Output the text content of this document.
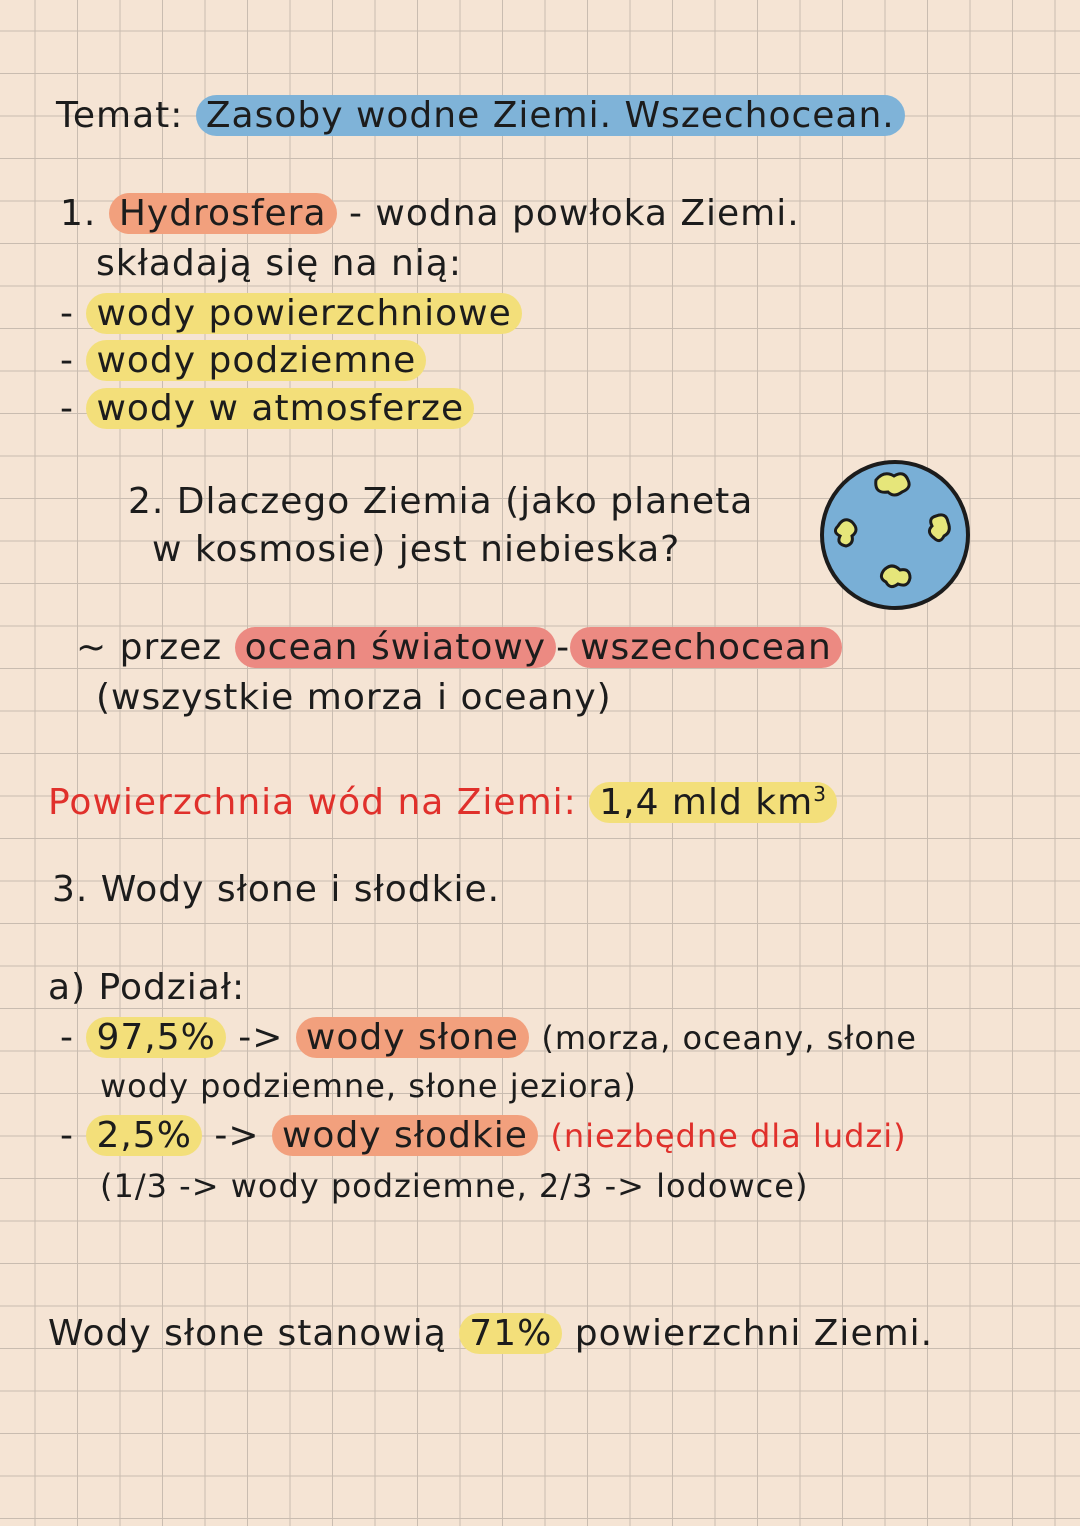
Temat: Zasoby wodne Ziemi. Wszechocean.
1. Hydrosfera - wodna powłoka Ziemi.
składają się na nią:
- wody powierzchniowe
- wody podziemne
- wody w atmosferze
2. Dlaczego Ziemia (jako planeta
w kosmosie) jest niebieska?
~ przez ocean światowy - wszechocean
(wszystkie morza i oceany)
Powierzchnia wód na Ziemi: 1,4 mld $km^3$
3. Wody słone i słodkie.
a) Podział:
- 97,5% -> wody słone (morza, oceany, słone
wody podziemne, słone jeziora)
- 2,5% -> wody słodkie (niezbędne dla ludzi)
(1/3 -> wody podziemne, 2/3 -> lodowce)
Wody słone stanowią 71% powierzchni Ziemi.
